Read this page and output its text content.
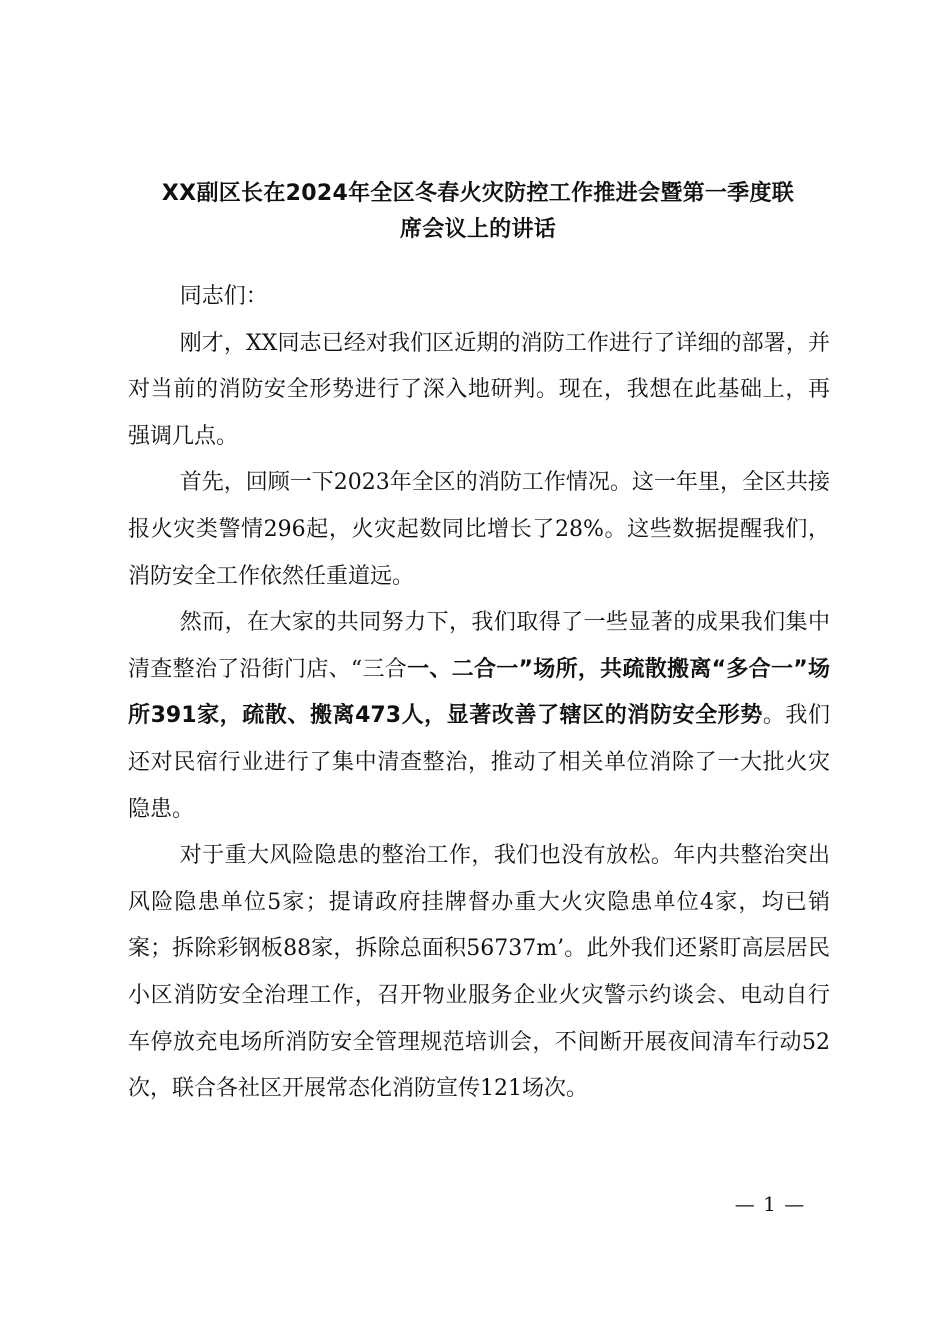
XX副区长在2024年全区冬春火灾防控工作推进会暨第一季度联
席会议上的讲话

同志们：

刚才，XX同志已经对我们区近期的消防工作进行了详细的部署，并对当前的消防安全形势进行了深入地研判。现在，我想在此基础上，再强调几点。

首先，回顾一下2023年全区的消防工作情况。这一年里，全区共接报火灾类警情296起，火灾起数同比增长了28%。这些数据提醒我们，消防安全工作依然任重道远。

然而，在大家的共同努力下，我们取得了一些显著的成果我们集中清查整治了沿街门店、“三合一、二合一”场所，共疏散搬离“多合一”场所391家，疏散、搬离473人，显著改善了辖区的消防安全形势。我们还对民宿行业进行了集中清查整治，推动了相关单位消除了一大批火灾隐患。

对于重大风险隐患的整治工作，我们也没有放松。年内共整治突出风险隐患单位5家；提请政府挂牌督办重大火灾隐患单位4家，均已销案；拆除彩钢板88家，拆除总面积56737m’。此外我们还紧盯高层居民小区消防安全治理工作，召开物业服务企业火灾警示约谈会、电动自行车停放充电场所消防安全管理规范培训会，不间断开展夜间清车行动52次，联合各社区开展常态化消防宣传121场次。

— 1 —
